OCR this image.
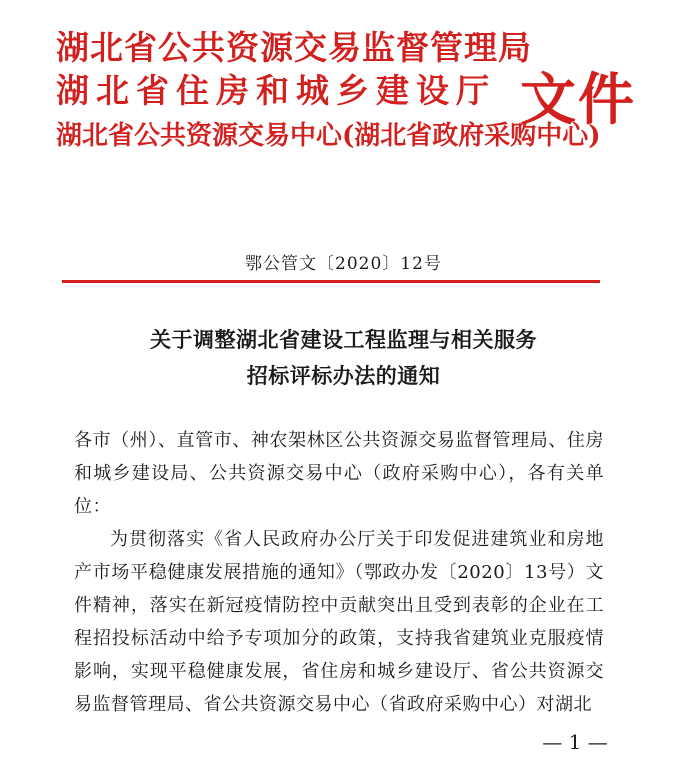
湖北省公共资源交易监督管理局
湖北省住房和城乡建设厅
湖北省公共资源交易中心(湖北省政府采购中心)
文件
鄂公管文〔2020〕12号
关于调整湖北省建设工程监理与相关服务
招标评标办法的通知

各市（州）、直管市、神农架林区公共资源交易监督管理局、住房和城乡建设局、公共资源交易中心（政府采购中心），各有关单位：

为贯彻落实《省人民政府办公厅关于印发促进建筑业和房地产市场平稳健康发展措施的通知》（鄂政办发〔2020〕13号）文件精神，落实在新冠疫情防控中贡献突出且受到表彰的企业在工程招投标活动中给予专项加分的政策，支持我省建筑业克服疫情影响，实现平稳健康发展，省住房和城乡建设厅、省公共资源交易监督管理局、省公共资源交易中心（省政府采购中心）对湖北

— 1 —
